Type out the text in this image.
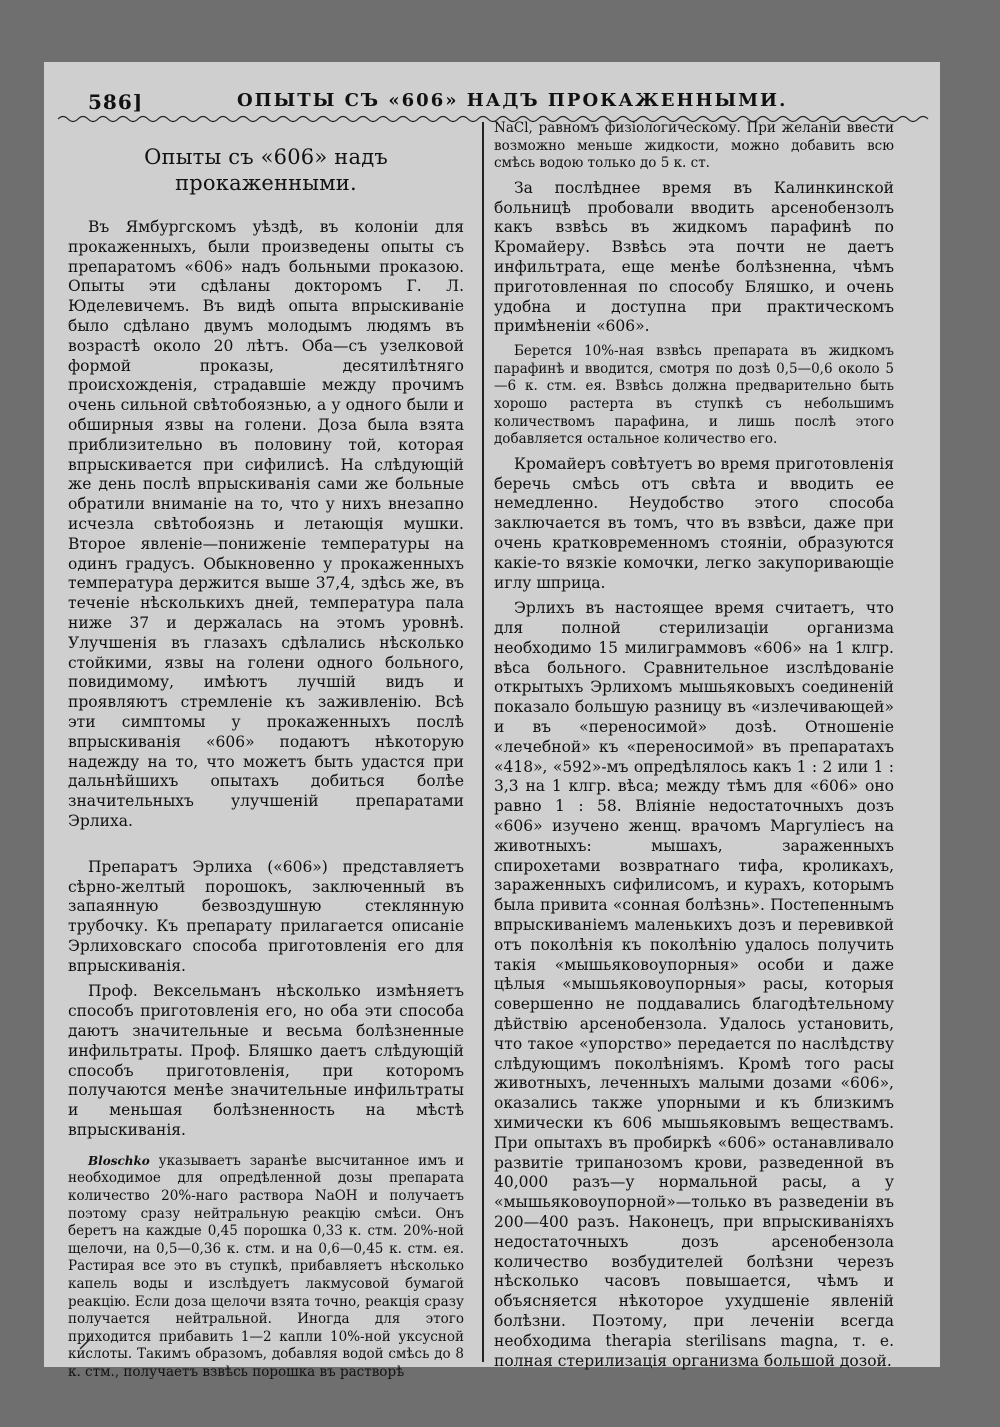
586]	ОПЫТЫ СЪ «606» НАДЪ ПРОКАЖЕННЫМИ.
Опыты съ «606» надъ прокаженными.

Въ Ямбургскомъ уѣздѣ, въ колоніи для прокаженныхъ, были произведены опыты съ препаратомъ «606» надъ больными проказою. Опыты эти сдѣланы докторомъ Г. Л. Юделевичемъ. Въ видѣ опыта впрыскиваніе было сдѣлано двумъ молодымъ людямъ въ возрастѣ около 20 лѣтъ. Оба—съ узелковой формой проказы, десятилѣтняго происхожденія, страдавшіе между прочимъ очень сильной свѣтобоязнью, а у одного были и обширныя язвы на голени. Доза была взята приблизительно въ половину той, которая впрыскивается при сифилисѣ. На слѣдующій же день послѣ впрыскиванія сами же больные обратили вниманіе на то, что у нихъ внезапно исчезла свѣтобоязнь и летающія мушки. Второе явленіе—пониженіе температуры на одинъ градусъ. Обыкновенно у прокаженныхъ температура держится выше 37,4, здѣсь же, въ теченіе нѣсколькихъ дней, температура пала ниже 37 и держалась на этомъ уровнѣ. Улучшенія въ глазахъ сдѣлались нѣсколько стойкими, язвы на голени одного больного, повидимому, имѣютъ лучшій видъ и проявляютъ стремленіе къ заживленію. Всѣ эти симптомы у прокаженныхъ послѣ впрыскиванія «606» подаютъ нѣкоторую надежду на то, что можетъ быть удастся при дальнѣйшихъ опытахъ добиться болѣе значительныхъ улучшеній препаратами Эрлиха.

Препаратъ Эрлиха («606») представляетъ сѣрно-желтый порошокъ, заключенный въ запаянную безвоздушную стеклянную трубочку. Къ препарату прилагается описаніе Эрлиховскаго способа приготовленія его для впрыскиванія.

Проф. Вексельманъ нѣсколько измѣняетъ способъ приготовленія его, но оба эти способа даютъ значительные и весьма болѣзненные инфильтраты. Проф. Бляшко даетъ слѣдующій способъ приготовленія, при которомъ получаются менѣе значительные инфильтраты и меньшая болѣзненность на мѣстѣ впрыскиванія.

Bloschko указываетъ заранѣе высчитанное имъ и необходимое для опредѣленной дозы препарата количество 20%-наго раствора NaOH и получаетъ поэтому сразу нейтральную реакцію смѣси. Онъ беретъ на каждые 0,45 порошка 0,33 к. стм. 20%-ной щелочи, на 0,5—0,36 к. стм. и на 0,6—0,45 к. стм. ея. Растирая все это въ ступкѣ, прибавляетъ нѣсколько капель воды и изслѣдуетъ лакмусовой бумагой реакцію. Если доза щелочи взята точно, реакція сразу получается нейтральной. Иногда для этого приходится прибавить 1—2 капли 10%-ной уксусной кислоты. Такимъ образомъ, добавляя водой смѣсь до 8 к. стм., получаетъ взвѣсь порошка въ растворѣ

NaCl, равномъ физіологическому. При желаніи ввести возможно меньше жидкости, можно добавить всю смѣсь водою только до 5 к. ст.

За послѣднее время въ Калинкинской больницѣ пробовали вводить арсенобензолъ какъ взвѣсь въ жидкомъ парафинѣ по Кромайеру. Взвѣсь эта почти не даетъ инфильтрата, еще менѣе болѣзненна, чѣмъ приготовленная по способу Бляшко, и очень удобна и доступна при практическомъ примѣненіи «606».

Берется 10%-ная взвѣсь препарата въ жидкомъ парафинѣ и вводится, смотря по дозѣ 0,5—0,6 около 5—6 к. стм. ея. Взвѣсь должна предварительно быть хорошо растерта въ ступкѣ съ небольшимъ количествомъ парафина, и лишь послѣ этого добавляется остальное количество его.

Кромайеръ совѣтуетъ во время приготовленія беречь смѣсь отъ свѣта и вводить ее немедленно. Неудобство этого способа заключается въ томъ, что въ взвѣси, даже при очень кратковременномъ стояніи, образуются какіе-то вязкіе комочки, легко закупоривающіе иглу шприца.

Эрлихъ въ настоящее время считаетъ, что для полной стерилизаціи организма необходимо 15 милиграммовъ «606» на 1 клгр. вѣса больного. Сравнительное изслѣдованіе открытыхъ Эрлихомъ мышьяковыхъ соединеній показало большую разницу въ «излечивающей» и въ «переносимой» дозѣ. Отношеніе «лечебной» къ «переносимой» въ препаратахъ «418», «592»-мъ опредѣлялось какъ 1 : 2 или 1 : 3,3 на 1 клгр. вѣса; между тѣмъ для «606» оно равно 1 : 58. Вліяніе недостаточныхъ дозъ «606» изучено женщ. врачомъ Маргуліесъ на животныхъ: мышахъ, зараженныхъ спирохетами возвратнаго тифа, кроликахъ, зараженныхъ сифилисомъ, и курахъ, которымъ была привита «сонная болѣзнь». Постепеннымъ впрыскиваніемъ маленькихъ дозъ и перевивкой отъ поколѣнія къ поколѣнію удалось получить такія «мышьяковоупорныя» особи и даже цѣлыя «мышьяковоупорныя» расы, которыя совершенно не поддавались благодѣтельному дѣйствію арсенобензола. Удалось установить, что такое «упорство» передается по наслѣдству слѣдующимъ поколѣніямъ. Кромѣ того расы животныхъ, леченныхъ малыми дозами «606», оказались также упорными и къ близкимъ химически къ 606 мышьяковымъ веществамъ. При опытахъ въ пробиркѣ «606» останавливало развитіе трипанозомъ крови, разведенной въ 40,000 разъ—у нормальной расы, а у «мышьяковоупорной»—только въ разведеніи въ 200—400 разъ. Наконецъ, при впрыскиваніяхъ недостаточныхъ дозъ арсенобензола количество возбудителей болѣзни черезъ нѣсколько часовъ повышается, чѣмъ и объясняется нѣкоторое ухудшеніе явленій болѣзни. Поэтому, при леченіи всегда необходима therapia sterilisans magna, т. е. полная стерилизація организма большой дозой.
